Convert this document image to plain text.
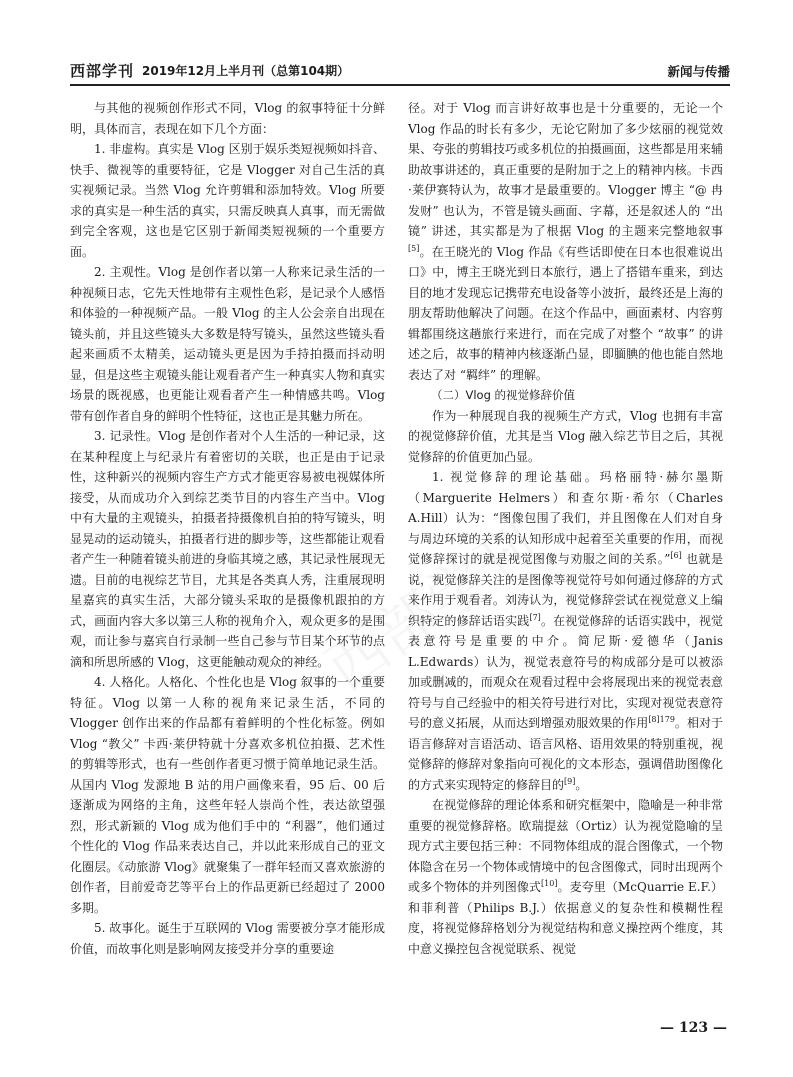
西部学刊 2019年12月上半月刊（总第104期）	新闻与传播

与其他的视频创作形式不同，Vlog 的叙事特征十分鲜明，具体而言，表现在如下几个方面：

1. 非虚构。真实是 Vlog 区别于娱乐类短视频如抖音、快手、微视等的重要特征，它是 Vlogger 对自己生活的真实视频记录。当然 Vlog 允许剪辑和添加特效。Vlog 所要求的真实是一种生活的真实，只需反映真人真事，而无需做到完全客观，这也是它区别于新闻类短视频的一个重要方面。

2. 主观性。Vlog 是创作者以第一人称来记录生活的一种视频日志，它先天性地带有主观性色彩，是记录个人感悟和体验的一种视频产品。一般 Vlog 的主人公会亲自出现在镜头前，并且这些镜头大多数是特写镜头，虽然这些镜头看起来画质不太精美，运动镜头更是因为手持拍摄而抖动明显，但是这些主观镜头能让观看者产生一种真实人物和真实场景的既视感，也更能让观看者产生一种情感共鸣。Vlog 带有创作者自身的鲜明个性特征，这也正是其魅力所在。

3. 记录性。Vlog 是创作者对个人生活的一种记录，这在某种程度上与纪录片有着密切的关联，也正是由于记录性，这种新兴的视频内容生产方式才能更容易被电视媒体所接受，从而成功介入到综艺类节目的内容生产当中。Vlog 中有大量的主观镜头，拍摄者持摄像机自拍的特写镜头，明显晃动的运动镜头，拍摄者行进的脚步等，这些都能让观看者产生一种随着镜头前进的身临其境之感，其记录性展现无遗。目前的电视综艺节目，尤其是各类真人秀，注重展现明星嘉宾的真实生活，大部分镜头采取的是摄像机跟拍的方式，画面内容大多以第三人称的视角介入，观众更多的是围观，而让参与嘉宾自行录制一些自己参与节目某个环节的点滴和所思所感的 Vlog，这更能触动观众的神经。

4. 人格化。人格化、个性化也是 Vlog 叙事的一个重要特征。Vlog 以第一人称的视角来记录生活，不同的 Vlogger 创作出来的作品都有着鲜明的个性化标签。例如 Vlog “教父” 卡西·莱伊特就十分喜欢多机位拍摄、艺术性的剪辑等形式，也有一些创作者更习惯于简单地记录生活。从国内 Vlog 发源地 B 站的用户画像来看，95 后、00 后逐渐成为网络的主角，这些年轻人崇尚个性，表达欲望强烈，形式新颖的 Vlog 成为他们手中的 “利器”，他们通过个性化的 Vlog 作品来表达自己，并以此来形成自己的亚文化圈层。《动旅游 Vlog》就聚集了一群年轻而又喜欢旅游的创作者，目前爱奇艺等平台上的作品更新已经超过了 2000 多期。

5. 故事化。诞生于互联网的 Vlog 需要被分享才能形成价值，而故事化则是影响网友接受并分享的重要途

径。对于 Vlog 而言讲好故事也是十分重要的，无论一个 Vlog 作品的时长有多少，无论它附加了多少炫丽的视觉效果、夸张的剪辑技巧或多机位的拍摄画面，这些都是用来辅助故事讲述的，真正重要的是附加于之上的精神内核。卡西·莱伊赛特认为，故事才是最重要的。Vlogger 博主 “@ 冉发财” 也认为，不管是镜头画面、字幕，还是叙述人的 “出镜” 讲述，其实都是为了根据 Vlog 的主题来完整地叙事 [5]。在王晓光的 Vlog 作品《有些话即使在日本也很难说出口》中，博主王晓光到日本旅行，遇上了搭错车重来，到达目的地才发现忘记携带充电设备等小波折，最终还是上海的朋友帮助他解决了问题。在这个作品中，画面素材、内容剪辑都围绕这趟旅行来进行，而在完成了对整个 “故事” 的讲述之后，故事的精神内核逐渐凸显，即腼腆的他也能自然地表达了对 “羁绊” 的理解。

（二）Vlog 的视觉修辞价值

作为一种展现自我的视频生产方式，Vlog 也拥有丰富的视觉修辞价值，尤其是当 Vlog 融入综艺节目之后，其视觉修辞的价值更加凸显。

1. 视觉修辞的理论基础。玛格丽特·赫尔墨斯（Marguerite Helmers）和查尔斯·希尔（Charles A.Hill）认为：“图像包围了我们，并且图像在人们对自身与周边环境的关系的认知形成中起着至关重要的作用，而视觉修辞探讨的就是视觉图像与劝服之间的关系。”[6] 也就是说，视觉修辞关注的是图像等视觉符号如何通过修辞的方式来作用于观看者。刘涛认为，视觉修辞尝试在视觉意义上编织特定的修辞话语实践[7]。在视觉修辞的话语实践中，视觉表意符号是重要的中介。简尼斯·爱德华（Janis L.Edwards）认为，视觉表意符号的构成部分是可以被添加或删减的，而观众在观看过程中会将展现出来的视觉表意符号与自己经验中的相关符号进行对比，实现对视觉表意符号的意义拓展，从而达到增强劝服效果的作用$^{[8]179}$。相对于语言修辞对言语活动、语言风格、语用效果的特别重视，视觉修辞的修辞对象指向可视化的文本形态，强调借助图像化的方式来实现特定的修辞目的[9]。

在视觉修辞的理论体系和研究框架中，隐喻是一种非常重要的视觉修辞格。欧瑞提兹（Ortiz）认为视觉隐喻的呈现方式主要包括三种：不同物体组成的混合图像式，一个物体隐含在另一个物体或情境中的包含图像式，同时出现两个或多个物体的并列图像式[10]。麦夸里（McQuarrie E.F.）和菲利普（Philips B.J.）依据意义的复杂性和模糊性程度，将视觉修辞格划分为视觉结构和意义操控两个维度，其中意义操控包含视觉联系、视觉

— 123 —
